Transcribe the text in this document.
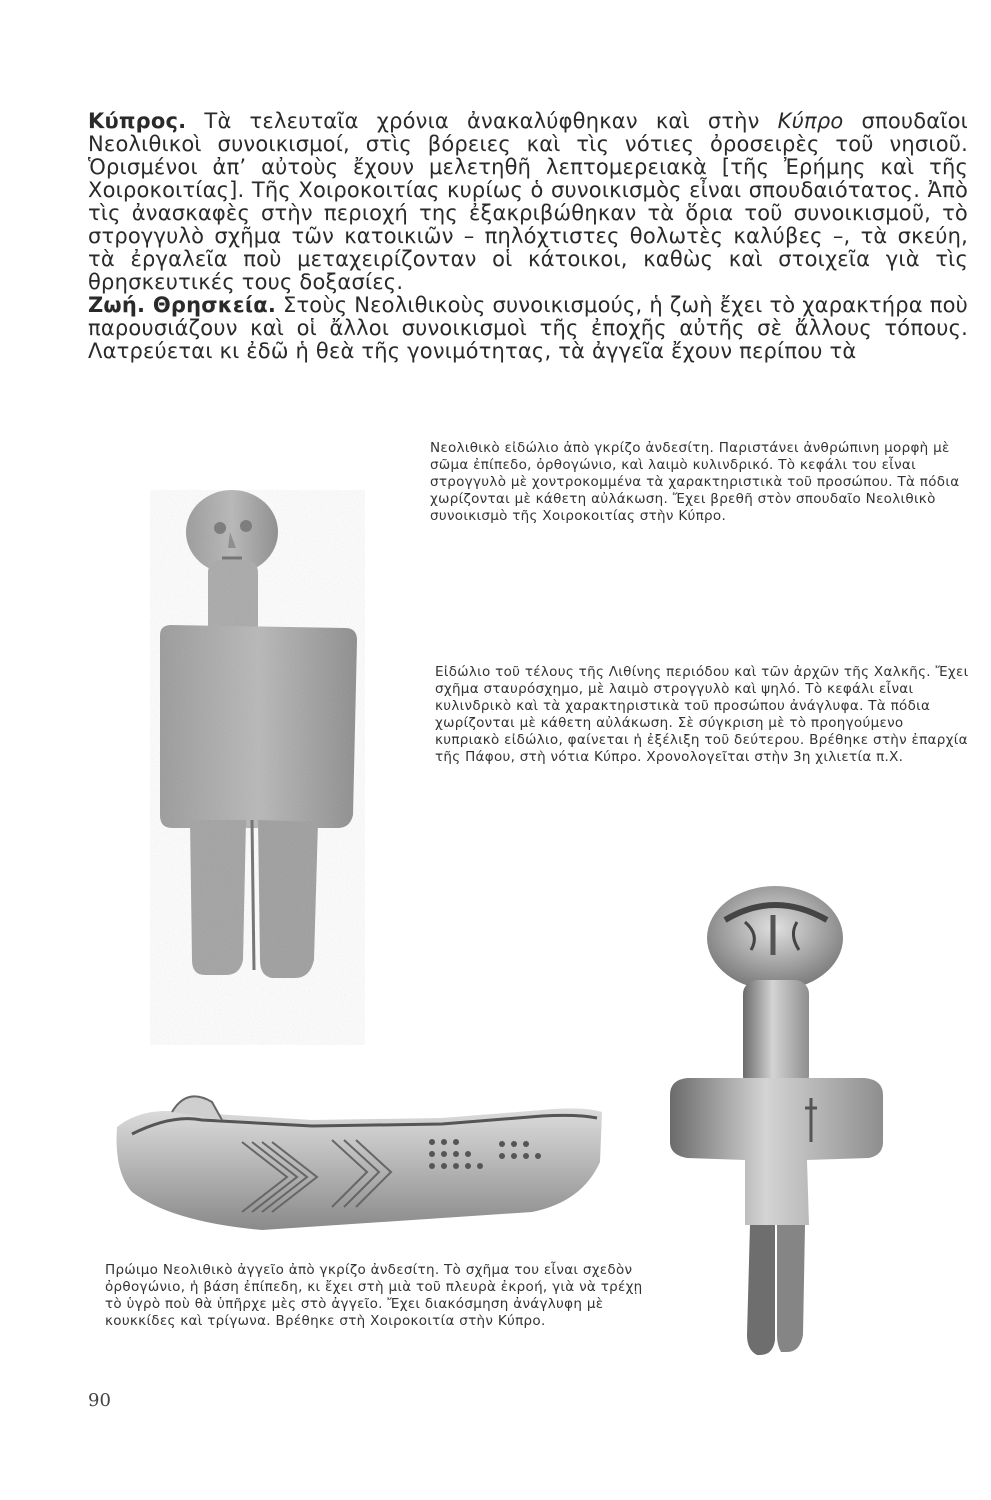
Κύπρος. Τὰ τελευταῖα χρόνια ἀνακαλύφθηκαν καὶ στὴν Κύπρο σπουδαῖοι Νεολιθικοὶ συνοικισμοί, στὶς βόρειες καὶ τὶς νότιες ὀροσειρὲς τοῦ νησιοῦ. Ὁρισμένοι ἀπ’ αὐτοὺς ἔχουν μελετηθῆ λεπτομερειακὰ [τῆς Ἐρήμης καὶ τῆς Χοιροκοιτίας]. Τῆς Χοιροκοιτίας κυρίως ὁ συνοικισμὸς εἶναι σπουδαιότατος. Ἀπὸ τὶς ἀνασκαφὲς στὴν περιοχή της ἐξακριβώθηκαν τὰ ὅρια τοῦ συνοικισμοῦ, τὸ στρογγυλὸ σχῆμα τῶν κατοικιῶν – πηλόχτιστες θολωτὲς καλύβες –, τὰ σκεύη, τὰ ἐργαλεῖα ποὺ μεταχειρίζονταν οἱ κάτοικοι, καθὼς καὶ στοιχεῖα γιὰ τὶς θρησκευτικές τους δοξασίες.

Ζωή. Θρησκεία. Στοὺς Νεολιθικοὺς συνοικισμούς, ἡ ζωὴ ἔχει τὸ χαρακτήρα ποὺ παρουσιάζουν καὶ οἱ ἄλλοι συνοικισμοὶ τῆς ἐποχῆς αὐτῆς σὲ ἄλλους τόπους. Λατρεύεται κι ἐδῶ ἡ θεὰ τῆς γονιμότητας, τὰ ἀγγεῖα ἔχουν περίπου τὰ

Νεολιθικὸ εἰδώλιο ἀπὸ γκρίζο ἀνδεσίτη. Παριστάνει ἀνθρώπινη μορφὴ μὲ σῶμα ἐπίπεδο, ὀρθογώνιο, καὶ λαιμὸ κυλινδρικό. Τὸ κεφάλι του εἶναι στρογγυλὸ μὲ χοντροκομμένα τὰ χαρακτηριστικὰ τοῦ προσώπου. Τὰ πόδια χωρίζονται μὲ κάθετη αὐλάκωση. Ἔχει βρεθῆ στὸν σπουδαῖο Νεολιθικὸ συνοικισμὸ τῆς Χοιροκοιτίας στὴν Κύπρο.
Εἰδώλιο τοῦ τέλους τῆς Λιθίνης περιόδου καὶ τῶν ἀρχῶν τῆς Χαλκῆς. Ἔχει σχῆμα σταυρόσχημο, μὲ λαιμὸ στρογγυλὸ καὶ ψηλό. Τὸ κεφάλι εἶναι κυλινδρικὸ καὶ τὰ χαρακτηριστικὰ τοῦ προσώπου ἀνάγλυφα. Τὰ πόδια χωρίζονται μὲ κάθετη αὐλάκωση. Σὲ σύγκριση μὲ τὸ προηγούμενο κυπριακὸ εἰδώλιο, φαίνεται ἡ ἐξέλιξη τοῦ δεύτερου. Βρέθηκε στὴν ἐπαρχία τῆς Πάφου, στὴ νότια Κύπρο. Χρονολογεῖται στὴν 3η χιλιετία π.Χ.
Πρώιμο Νεολιθικὸ ἀγγεῖο ἀπὸ γκρίζο ἀνδεσίτη. Τὸ σχῆμα του εἶναι σχεδὸν ὀρθογώνιο, ἡ βάση ἐπίπεδη, κι ἔχει στὴ μιὰ τοῦ πλευρὰ ἐκροή, γιὰ νὰ τρέχῃ τὸ ὑγρὸ ποὺ θὰ ὑπῆρχε μὲς στὸ ἀγγεῖο. Ἔχει διακόσμηση ἀνάγλυφη μὲ κουκκίδες καὶ τρίγωνα. Βρέθηκε στὴ Χοιροκοιτία στὴν Κύπρο.
90
